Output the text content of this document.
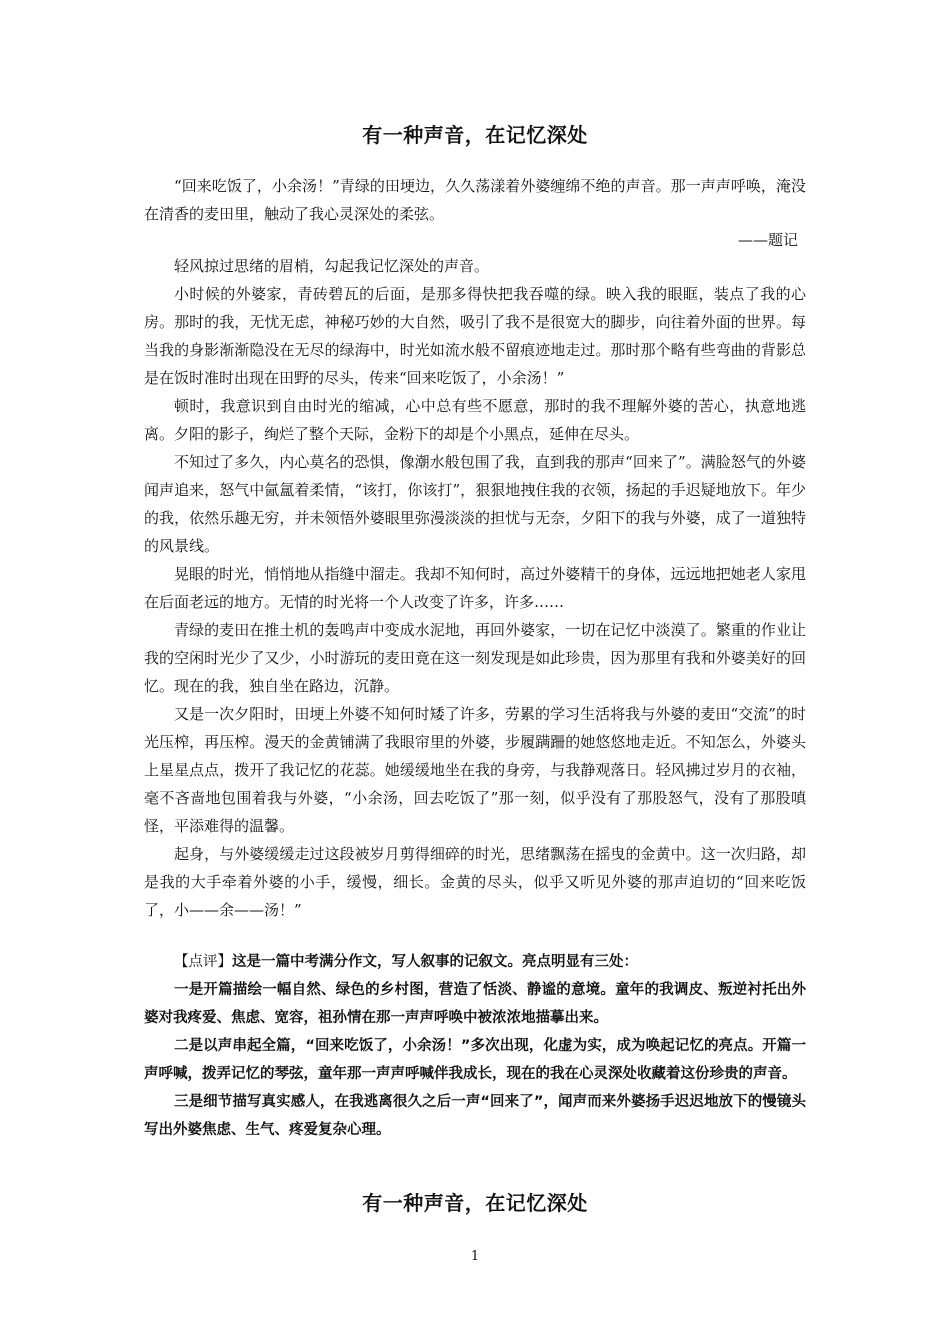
有一种声音，在记忆深处

“回来吃饭了，小余汤！”青绿的田埂边，久久荡漾着外婆缠绵不绝的声音。那一声声呼唤，淹没在清香的麦田里，触动了我心灵深处的柔弦。

——题记

轻风掠过思绪的眉梢，勾起我记忆深处的声音。

小时候的外婆家，青砖碧瓦的后面，是那多得快把我吞噬的绿。映入我的眼眶，装点了我的心房。那时的我，无忧无虑，神秘巧妙的大自然，吸引了我不是很宽大的脚步，向往着外面的世界。每当我的身影渐渐隐没在无尽的绿海中，时光如流水般不留痕迹地走过。那时那个略有些弯曲的背影总是在饭时准时出现在田野的尽头，传来“回来吃饭了，小余汤！”

顿时，我意识到自由时光的缩减，心中总有些不愿意，那时的我不理解外婆的苦心，执意地逃离。夕阳的影子，绚烂了整个天际，金粉下的却是个小黑点，延伸在尽头。

不知过了多久，内心莫名的恐惧，像潮水般包围了我，直到我的那声“回来了”。满脸怒气的外婆闻声追来，怒气中氤氲着柔情，“该打，你该打”，狠狠地拽住我的衣领，扬起的手迟疑地放下。年少的我，依然乐趣无穷，并未领悟外婆眼里弥漫淡淡的担忧与无奈，夕阳下的我与外婆，成了一道独特的风景线。

晃眼的时光，悄悄地从指缝中溜走。我却不知何时，高过外婆精干的身体，远远地把她老人家甩在后面老远的地方。无情的时光将一个人改变了许多，许多……

青绿的麦田在推土机的轰鸣声中变成水泥地，再回外婆家，一切在记忆中淡漠了。繁重的作业让我的空闲时光少了又少，小时游玩的麦田竟在这一刻发现是如此珍贵，因为那里有我和外婆美好的回忆。现在的我，独自坐在路边，沉静。

又是一次夕阳时，田埂上外婆不知何时矮了许多，劳累的学习生活将我与外婆的麦田“交流”的时光压榨，再压榨。漫天的金黄铺满了我眼帘里的外婆，步履蹒跚的她悠悠地走近。不知怎么，外婆头上星星点点，拨开了我记忆的花蕊。她缓缓地坐在我的身旁，与我静观落日。轻风拂过岁月的衣袖，毫不吝啬地包围着我与外婆，“小余汤，回去吃饭了”那一刻，似乎没有了那股怒气，没有了那股嗔怪，平添难得的温馨。

起身，与外婆缓缓走过这段被岁月剪得细碎的时光，思绪飘荡在摇曳的金黄中。这一次归路，却是我的大手牵着外婆的小手，缓慢，细长。金黄的尽头，似乎又听见外婆的那声迫切的“回来吃饭了，小——余——汤！”

【点评】这是一篇中考满分作文，写人叙事的记叙文。亮点明显有三处：

一是开篇描绘一幅自然、绿色的乡村图，营造了恬淡、静谧的意境。童年的我调皮、叛逆衬托出外婆对我疼爱、焦虑、宽容，祖孙情在那一声声呼唤中被浓浓地描摹出来。

二是以声串起全篇，“回来吃饭了，小余汤！”多次出现，化虚为实，成为唤起记忆的亮点。开篇一声呼喊，拨弄记忆的琴弦，童年那一声声呼喊伴我成长，现在的我在心灵深处收藏着这份珍贵的声音。

三是细节描写真实感人，在我逃离很久之后一声“回来了”，闻声而来外婆扬手迟迟地放下的慢镜头写出外婆焦虑、生气、疼爱复杂心理。

有一种声音，在记忆深处
1
